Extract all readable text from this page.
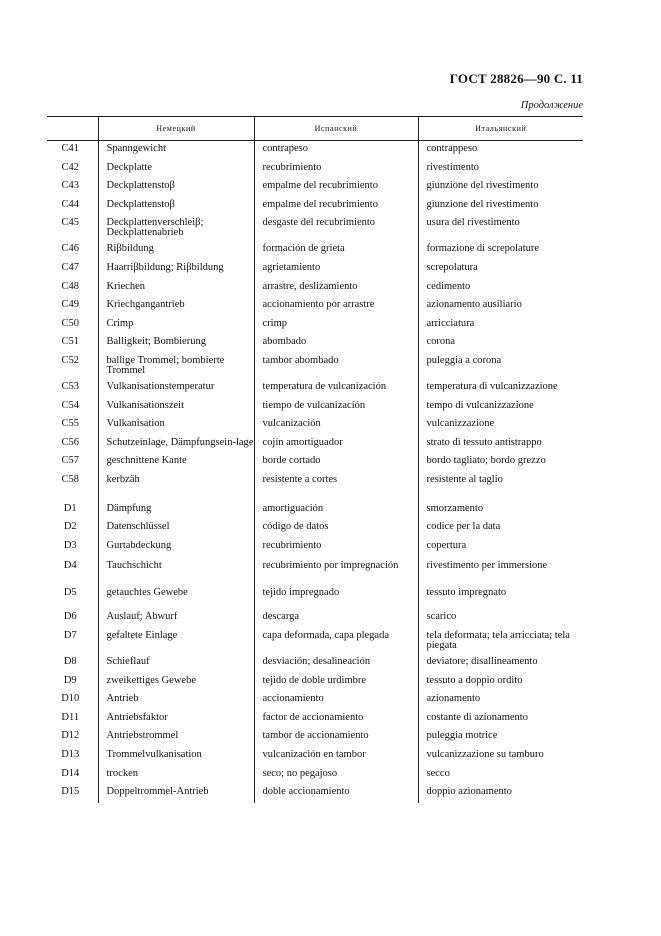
ГОСТ 28826—90 С. 11
Продолжение
	Немецкий	Испанский	Итальянский
C41	Spanngewicht	contrapeso	contrappeso
C42	Deckplatte	recubrimiento	rivestimento
C43	Deckplattenstoβ	empalme del recubrimiento	giunzione del rivestimento
C44	Deckplattenstoβ	empalme del recubrimiento	giunzione del rivestimento
C45	Deckplattenverschleiβ; Deckplattenabrieb	desgaste del recubrimiento	usura del rivestimento
C46	Riβbildung	formación de grieta	formazione di screpolature
C47	Haarriβbildung; Riβbildung	agrietamiento	screpolatura
C48	Kriechen	arrastre, deslizamiento	cedimento
C49	Kriechgangantrieb	accionamiento por arrastre	azionamento ausiliario
C50	Crimp	crimp	arricciatura
C51	Balligkeit; Bombierung	abombado	corona
C52	ballige Trommel; bombierte Trommel	tambor abombado	puleggia a corona
C53	Vulkanisationstemperatur	temperatura de vulcanización	temperatura di vulcanizzazione
C54	Vulkanisationszeit	tiempo de vulcanización	tempo di vulcanizzazione
C55	Vulkanisation	vulcanización	vulcanizzazione
C56	Schutzeinlage, Dämpfungsein-lage	cojín amortiguador	strato di tessuto antistrappo
C57	geschnittene Kante	borde cortado	bordo tagliato; bordo grezzo
C58	kerbzäh	resistente a cortes	resistente al taglio

D1	Dämpfung	amortiguación	smorzamento
D2	Datenschlüssel	código de datos	codice per la data
D3	Gurtabdeckung	recubrimiento	copertura
D4	Tauchschicht	recubrimiento por impregnación	rivestimento per immersione
D5	getauchtes Gewebe	tejido impregnado	tessuto impregnato
D6	Auslauf; Abwurf	descarga	scarico
D7	gefaltete Einlage	capa deformada, capa plegada	tela deformata; tela arricciata; tela piegata
D8	Schieflauf	desviación; desalineación	deviatore; disallineamento
D9	zweikettiges Gewebe	tejido de doble urdimbre	tessuto a doppio ordito
D10	Antrieb	accionamiento	azionamento
D11	Antriebsfaktor	factor de accionamiento	costante di azionamento
D12	Antriebstrommel	tambor de accionamiento	puleggia motrice
D13	Trommelvulkanisation	vulcanización en tambor	vulcanizzazione su tamburo
D14	trocken	seco; no pegajoso	secco
D15	Doppeltrommel-Antrieb	doble accionamiento	doppio azionamento
